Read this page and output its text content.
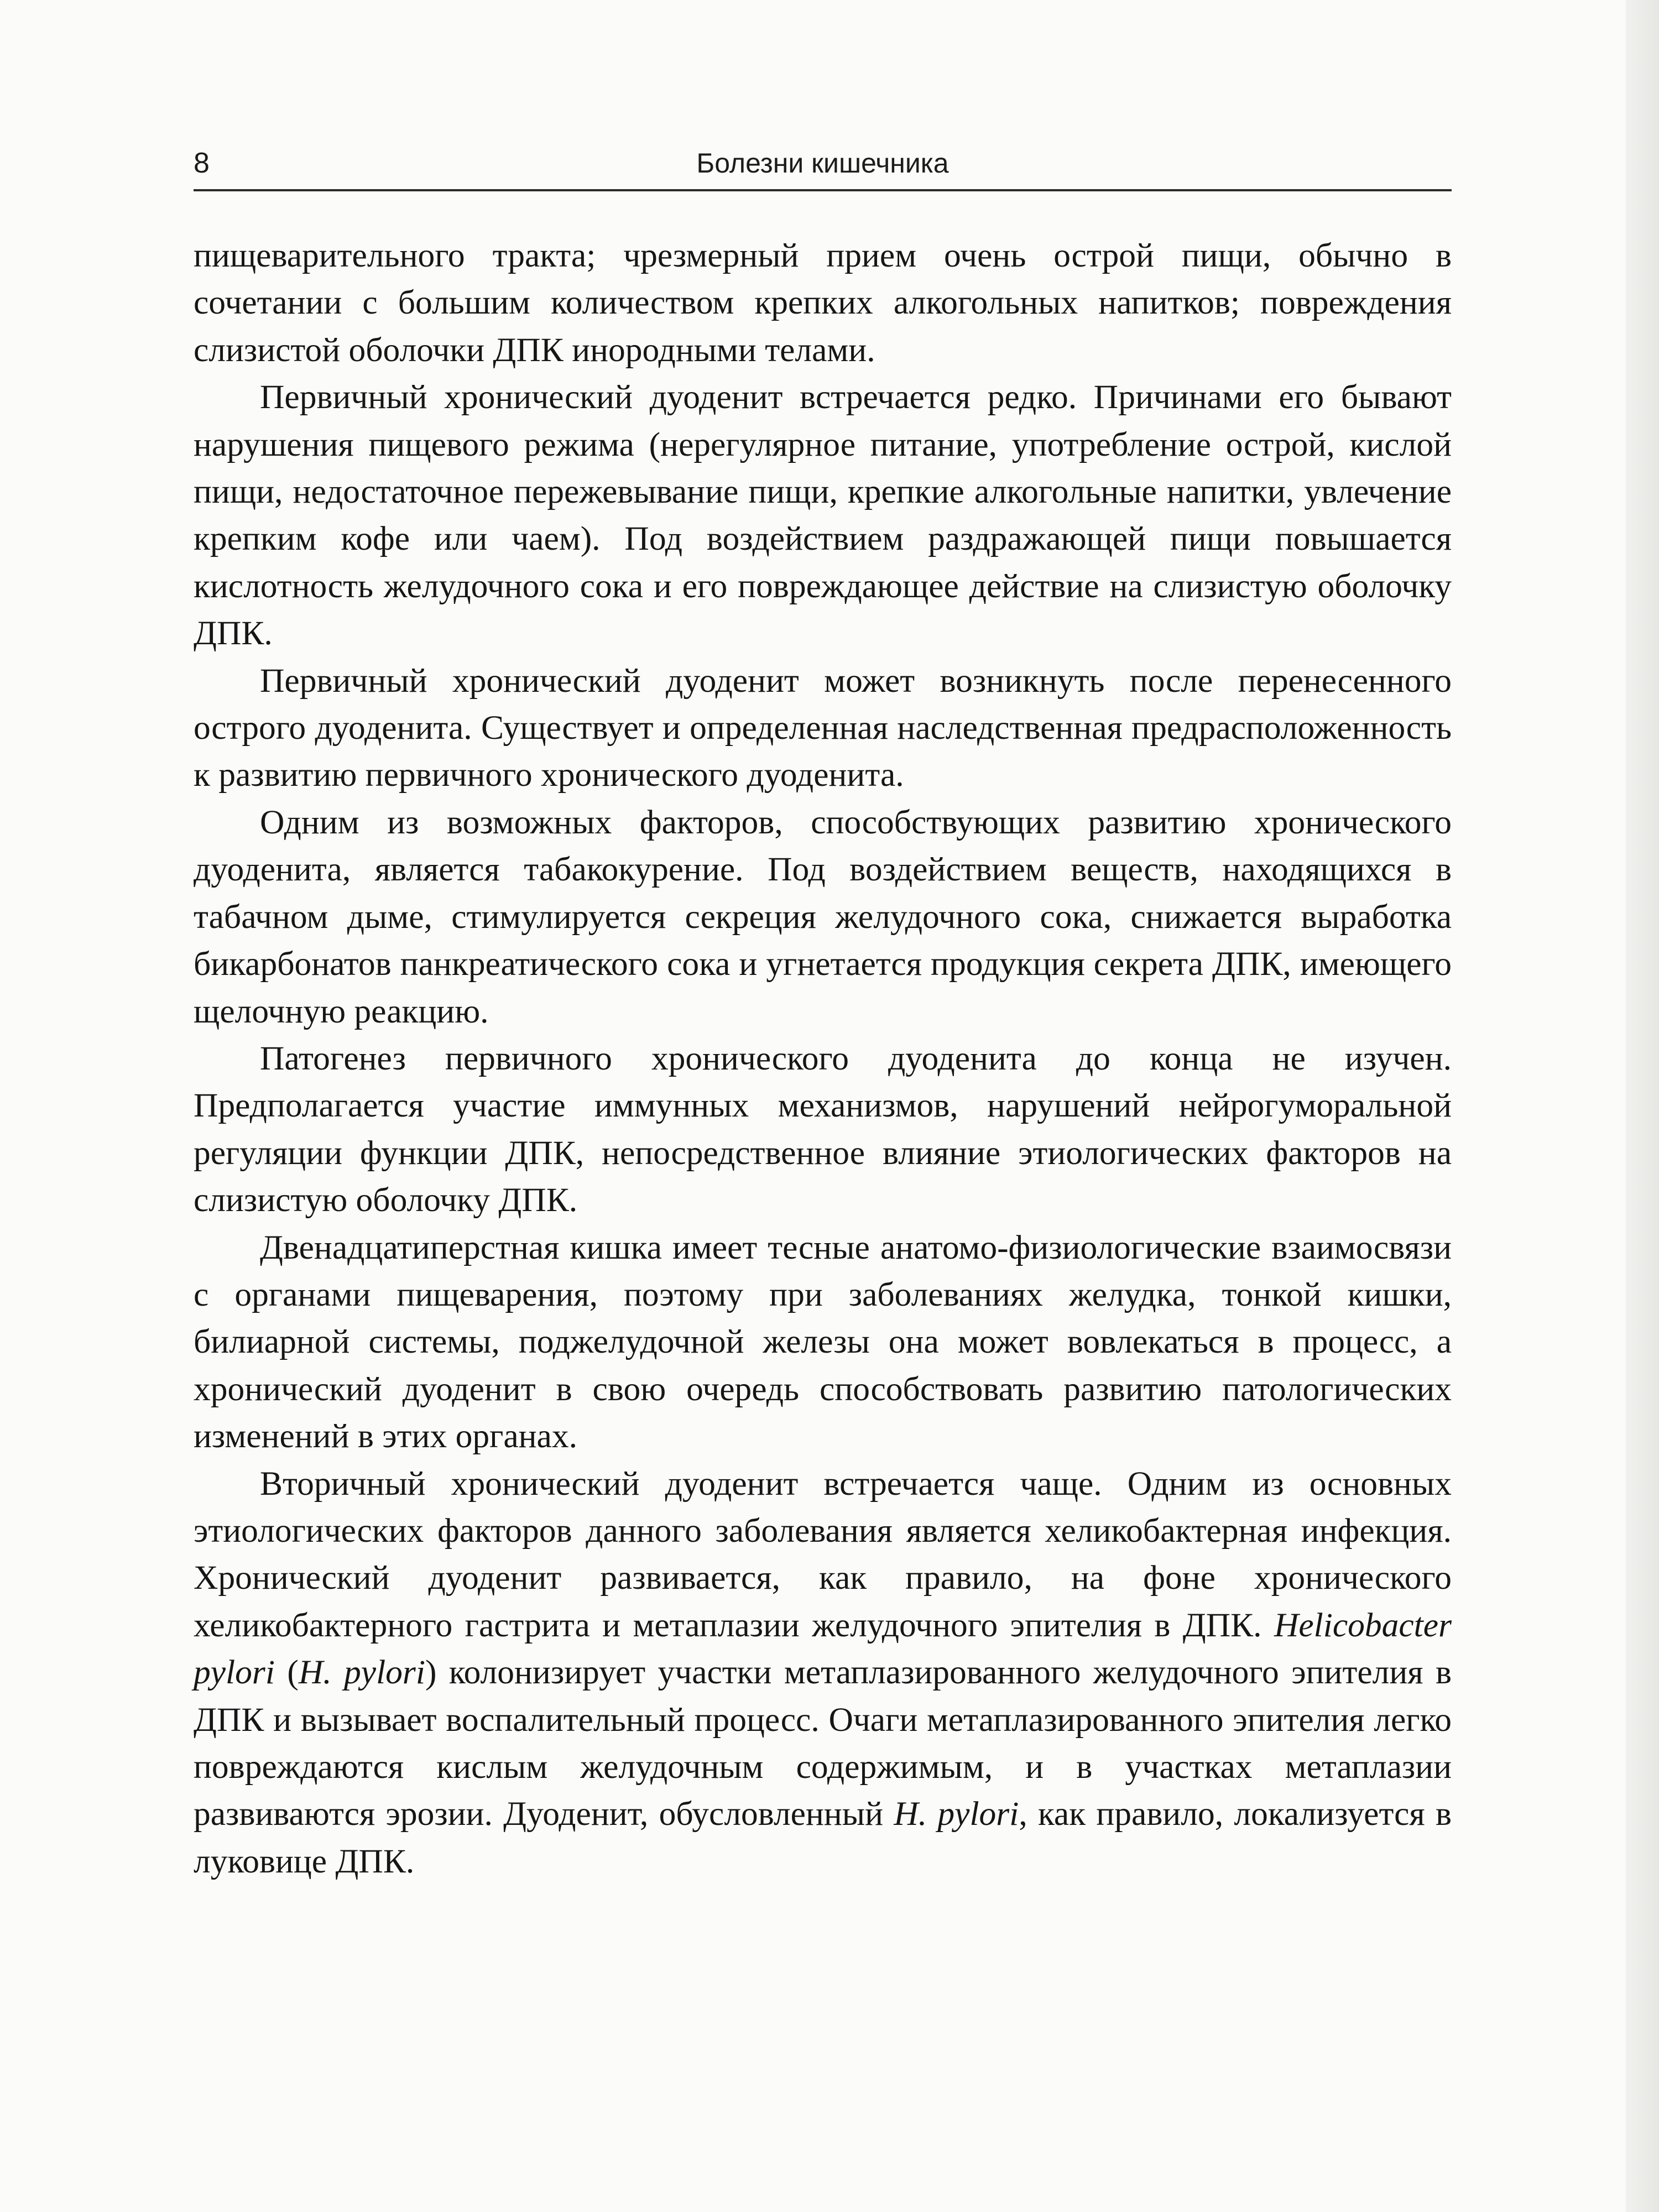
8	Болезни кишечника

пищеварительного тракта; чрезмерный прием очень острой пищи, обычно в сочетании с большим количеством крепких алкогольных напитков; повреждения слизистой оболочки ДПК инородными телами.

Первичный хронический дуоденит встречается редко. Причинами его бывают нарушения пищевого режима (нерегулярное питание, употребление острой, кислой пищи, недостаточное пережевывание пищи, крепкие алкогольные напитки, увлечение крепким кофе или чаем). Под воздействием раздражающей пищи повышается кислотность желудочного сока и его повреждающее действие на слизистую оболочку ДПК.

Первичный хронический дуоденит может возникнуть после перенесенного острого дуоденита. Существует и определенная наследственная предрасположенность к развитию первичного хронического дуоденита.

Одним из возможных факторов, способствующих развитию хронического дуоденита, является табакокурение. Под воздействием веществ, находящихся в табачном дыме, стимулируется секреция желудочного сока, снижается выработка бикарбонатов панкреатического сока и угнетается продукция секрета ДПК, имеющего щелочную реакцию.

Патогенез первичного хронического дуоденита до конца не изучен. Предполагается участие иммунных механизмов, нарушений нейрогуморальной регуляции функции ДПК, непосредственное влияние этиологических факторов на слизистую оболочку ДПК.

Двенадцатиперстная кишка имеет тесные анатомо-физиологические взаимосвязи с органами пищеварения, поэтому при заболеваниях желудка, тонкой кишки, билиарной системы, поджелудочной железы она может вовлекаться в процесс, а хронический дуоденит в свою очередь способствовать развитию патологических изменений в этих органах.

Вторичный хронический дуоденит встречается чаще. Одним из основных этиологических факторов данного заболевания является хеликобактерная инфекция. Хронический дуоденит развивается, как правило, на фоне хронического хеликобактерного гастрита и метаплазии желудочного эпителия в ДПК. Helicobacter pylori (H. pylori) колонизирует участки метаплазированного желудочного эпителия в ДПК и вызывает воспалительный процесс. Очаги метаплазированного эпителия легко повреждаются кислым желудочным содержимым, и в участках метаплазии развиваются эрозии. Дуоденит, обусловленный H. pylori, как правило, локализуется в луковице ДПК.
